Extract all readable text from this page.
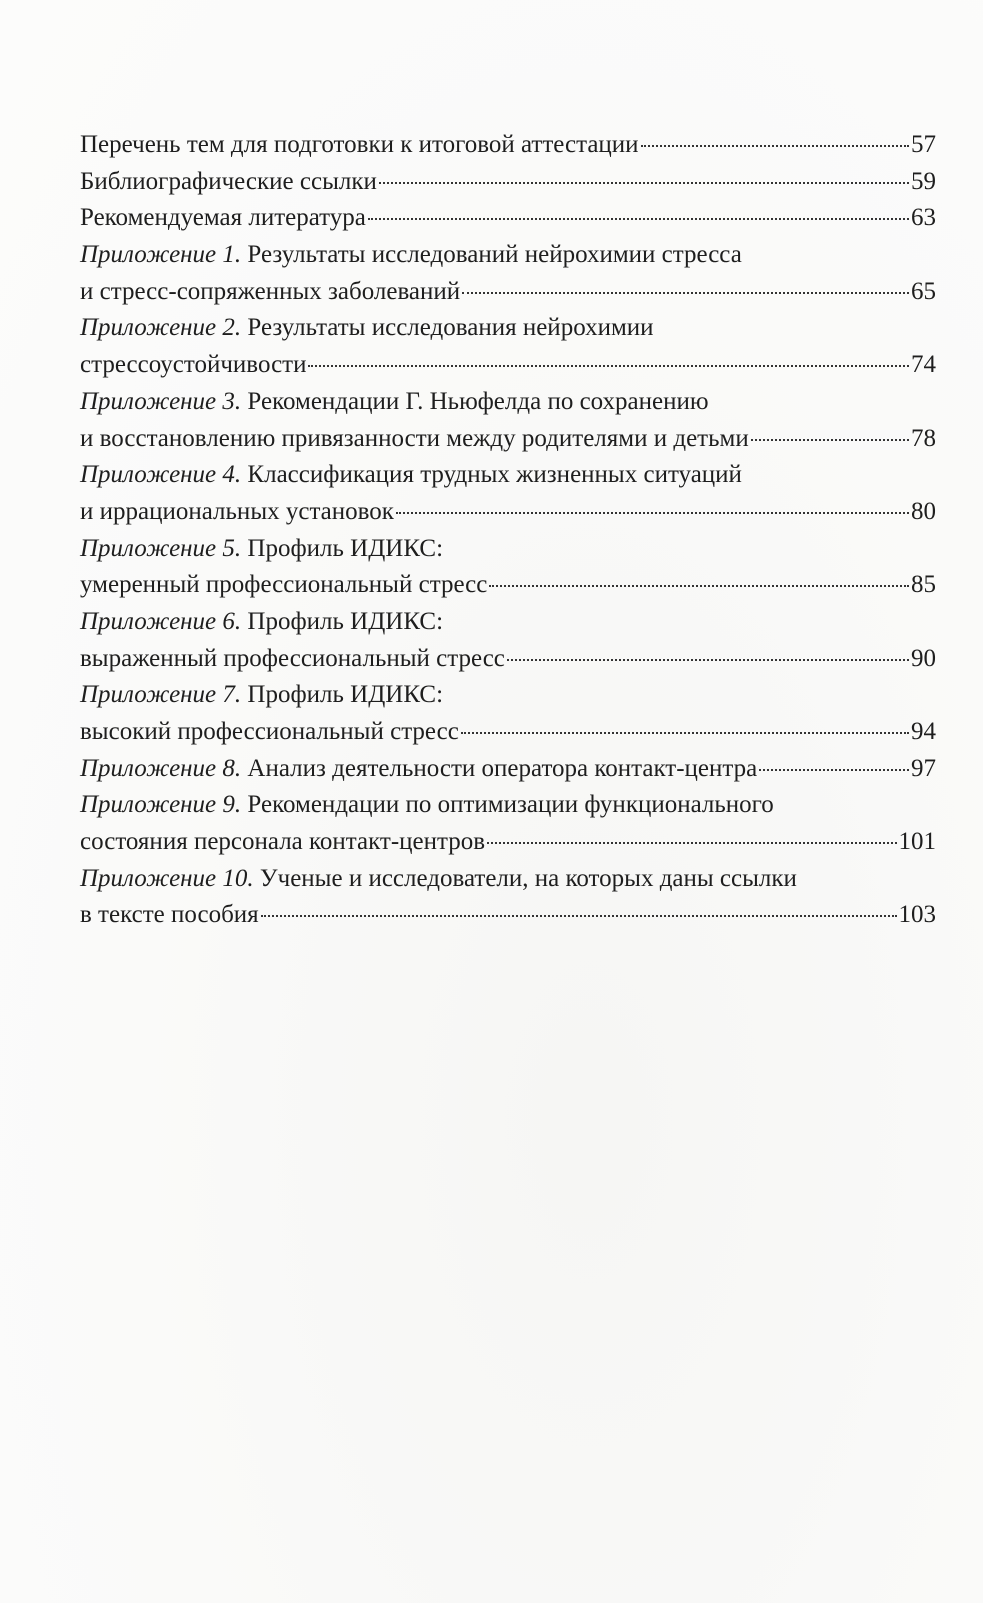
Перечень тем для подготовки к итоговой аттестации	57
Библиографические ссылки	59
Рекомендуемая литература	63
Приложение 1. Результаты исследований нейрохимии стресса
и стресс-сопряженных заболеваний	65
Приложение 2. Результаты исследования нейрохимии
стрессоустойчивости	74
Приложение 3. Рекомендации Г. Ньюфелда по сохранению
и восстановлению привязанности между родителями и детьми	78
Приложение 4. Классификация трудных жизненных ситуаций
и иррациональных установок	80
Приложение 5. Профиль ИДИКС:
умеренный профессиональный стресс	85
Приложение 6. Профиль ИДИКС:
выраженный профессиональный стресс	90
Приложение 7. Профиль ИДИКС:
высокий профессиональный стресс	94
Приложение 8. Анализ деятельности оператора контакт-центра	97
Приложение 9. Рекомендации по оптимизации функционального
состояния персонала контакт-центров	101
Приложение 10. Ученые и исследователи, на которых даны ссылки
в тексте пособия	103
